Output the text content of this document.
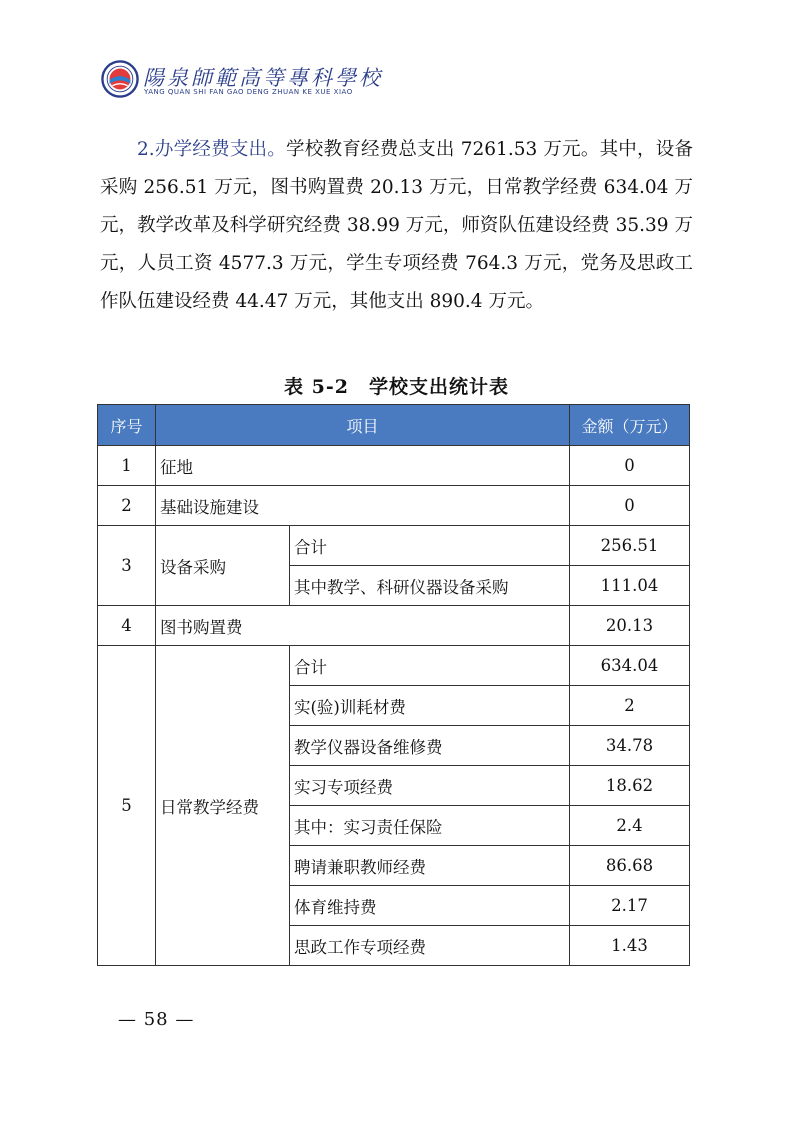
陽泉師範高等專科學校
YANG QUAN SHI FAN GAO DENG ZHUAN KE XUE XIAO

2.办学经费支出。学校教育经费总支出 7261.53 万元。其中，设备采购 256.51 万元，图书购置费 20.13 万元，日常教学经费 634.04 万元，教学改革及科学研究经费 38.99 万元，师资队伍建设经费 35.39 万元，人员工资 4577.3 万元，学生专项经费 764.3 万元，党务及思政工作队伍建设经费 44.47 万元，其他支出 890.4 万元。

表 5-2　学校支出统计表
序号	项目		金额（万元）
1	征地		0
2	基础设施建设		0
3	设备采购	合计	256.51
		其中教学、科研仪器设备采购	111.04
4	图书购置费		20.13
5	日常教学经费	合计	634.04
		实(验)训耗材费	2
		教学仪器设备维修费	34.78
		实习专项经费	18.62
		其中：实习责任保险	2.4
		聘请兼职教师经费	86.68
		体育维持费	2.17
		思政工作专项经费	1.43
— 58 —
